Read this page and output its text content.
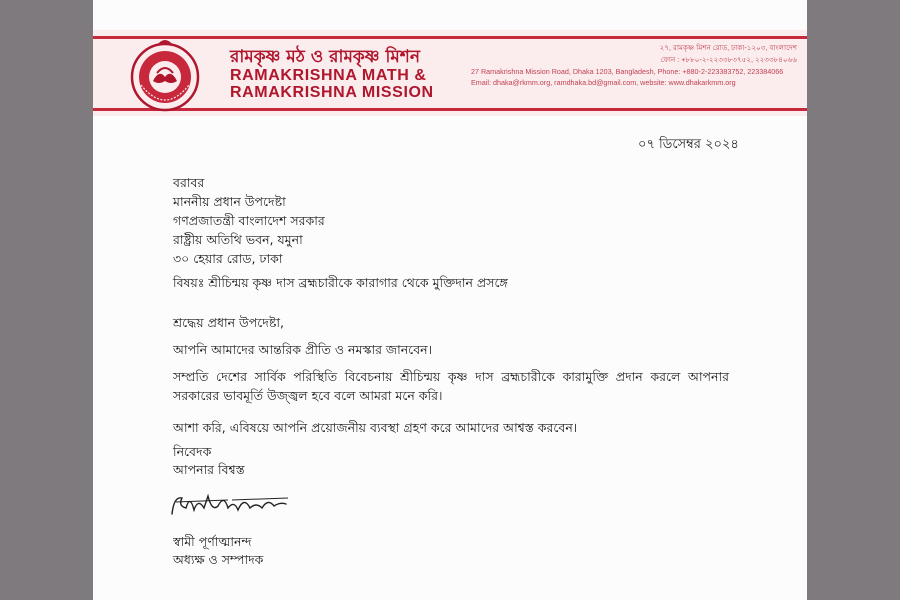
রামকৃষ্ণ মঠ ও রামকৃষ্ণ মিশন
RAMAKRISHNA MATH &
RAMAKRISHNA MISSION
২৭, রামকৃষ্ণ মিশন রোড, ঢাকা-১২০৩, বাংলাদেশ
ফোন : +৮৮০-২-২২৩৩৮৩৭৫২, ২২৩৩৮৪০৬৬
27 Ramakrishna Mission Road, Dhaka 1203, Bangladesh, Phone: +880-2-223383752, 223384066
Email: dhaka@rkmm.org, ramdhaka.bd@gmail.com, website: www.dhakarkmm.org
০৭ ডিসেম্বর ২০২৪
বরাবর
মাননীয় প্রধান উপদেষ্টা
গণপ্রজাতন্ত্রী বাংলাদেশ সরকার
রাষ্ট্রীয় অতিথি ভবন, যমুনা
৩০ হেয়ার রোড, ঢাকা
বিষয়ঃ শ্রীচিন্ময় কৃষ্ণ দাস ব্রহ্মচারীকে কারাগার থেকে মুক্তিদান প্রসঙ্গে
শ্রদ্ধেয় প্রধান উপদেষ্টা,
আপনি আমাদের আন্তরিক প্রীতি ও নমস্কার জানবেন।
সম্প্রতি দেশের সার্বিক পরিস্থিতি বিবেচনায় শ্রীচিন্ময় কৃষ্ণ দাস ব্রহ্মচারীকে কারামুক্তি প্রদান করলে আপনার সরকারের ভাবমূর্তি উজ্জ্বল হবে বলে আমরা মনে করি।
আশা করি, এবিষয়ে আপনি প্রয়োজনীয় ব্যবস্থা গ্রহণ করে আমাদের আশ্বস্ত করবেন।
নিবেদক
আপনার বিশ্বস্ত
স্বামী পূর্ণাত্মানন্দ
অধ্যক্ষ ও সম্পাদক
